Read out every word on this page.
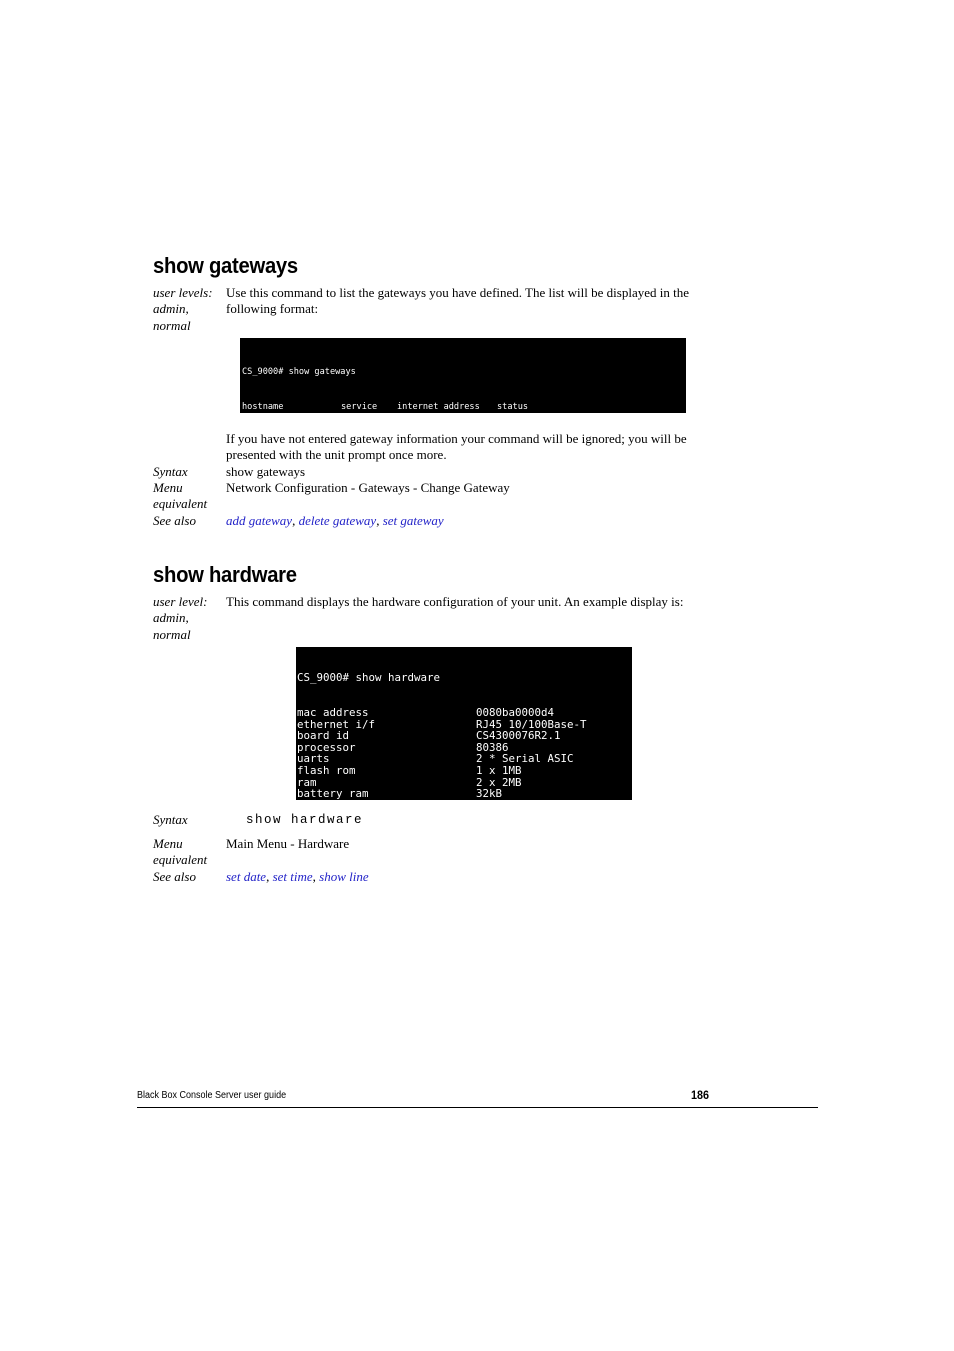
show gateways
user levels:
admin,
normal
Use this command to list the gateways you have defined. The list will be displayed in the following format:

CS_9000# show gateways

hostname	service internet address status

If you have not entered gateway information your command will be ignored; you will be presented with the unit prompt once more.
Syntax	show gateways
Menu
equivalent
Network Configuration - Gateways - Change Gateway
See also add gateway, delete gateway, set gateway
show hardware
user level:
admin,
normal
This command displays the hardware configuration of your unit. An example display is:

CS_9000# show hardware

mac address	0080ba0000d4
ethernet i/f	RJ45 10/100Base-T
board id	CS4300076R2.1
processor	80386
uarts	2 * Serial ASIC
flash rom	1 x 1MB
ram	2 x 2MB
battery ram	32kB

Syntax	show hardware
Menu
equivalent
Main Menu - Hardware
See also set date, set time, show line
Black Box Console Server user guide	186
